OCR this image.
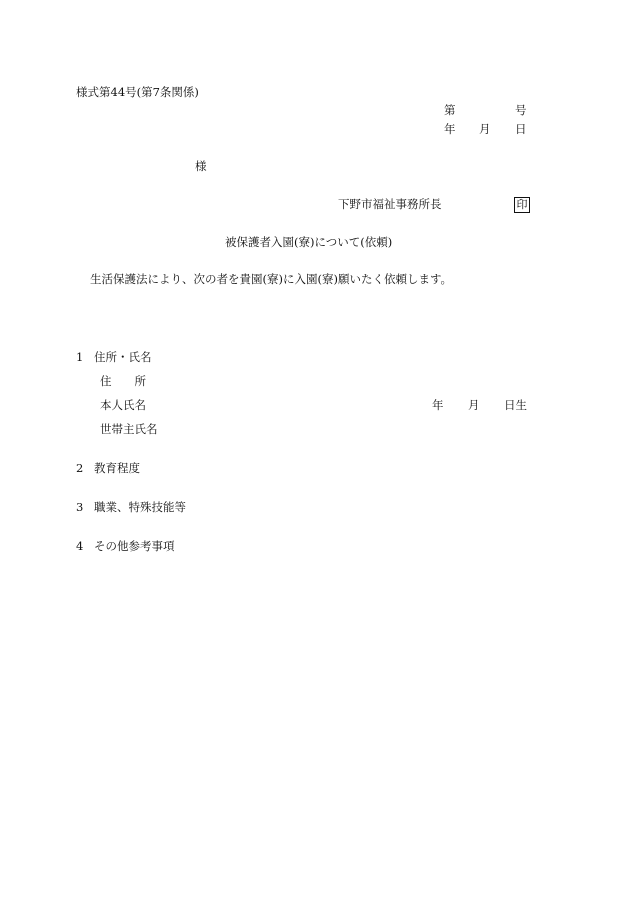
様式第44号(第7条関係)
第	号
年 月 日
様
下野市福祉事務所長	印
被保護者入園(寮)について(依頼)
生活保護法により、次の者を貴園(寮)に入園(寮)願いたく依頼します。
1 住所・氏名
住　　所
本人氏名	年 月 日生
世帯主氏名
2 教育程度
3 職業、特殊技能等
4 その他参考事項
